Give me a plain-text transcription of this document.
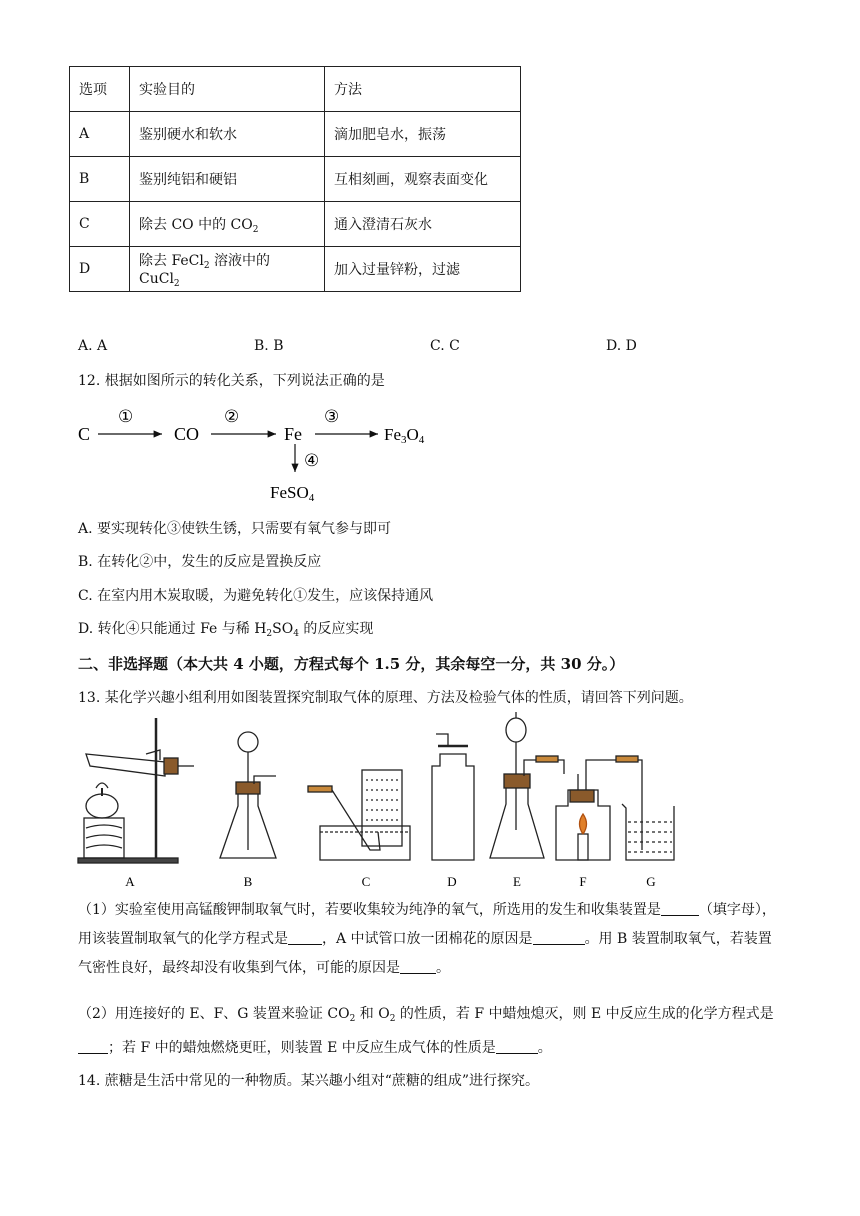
选项	实验目的	方法
A	鉴别硬水和软水	滴加肥皂水，振荡
B	鉴别纯铝和硬铝	互相刻画，观察表面变化
C	除去 CO 中的 $CO_2$	通入澄清石灰水
D	除去 FeCl$_2$ 溶液中的 CuCl$_2$	加入过量锌粉，过滤
A. A	B. B	C. C	D. D
12. 根据如图所示的转化关系，下列说法正确的是
C
①
CO
②
Fe
③
Fe3O4
④
FeSO4
A. 要实现转化③使铁生锈，只需要有氧气参与即可
B. 在转化②中，发生的反应是置换反应
C. 在室内用木炭取暖，为避免转化①发生，应该保持通风
D. 转化④只能通过 Fe 与稀 $H_2SO_4$ 的反应实现
二、非选择题（本大共 4 小题，方程式每个 1.5 分，其余每空一分，共 30 分。）
13. 某化学兴趣小组利用如图装置探究制取气体的原理、方法及检验气体的性质，请回答下列问题。
A	B	C	D	E	F	G
（1）实验室使用高锰酸钾制取氧气时，若要收集较为纯净的氧气，所选用的发生和收集装置是	（填字母），用该装置制取氧气的化学方程式是 ，A 中试管口放一团棉花的原因是	。用 B 装置制取氧气，若装置气密性良好，最终却没有收集到气体，可能的原因是	。
（2）用连接好的 E、F、G 装置来验证 $CO_2$ 和 $O_2$ 的性质，若 F 中蜡烛熄灭，则 E 中反应生成的化学方程式是；若 F 中的蜡烛燃烧更旺，则装置 E 中反应生成气体的性质是	。
14. 蔗糖是生活中常见的一种物质。某兴趣小组对“蔗糖的组成”进行探究。
